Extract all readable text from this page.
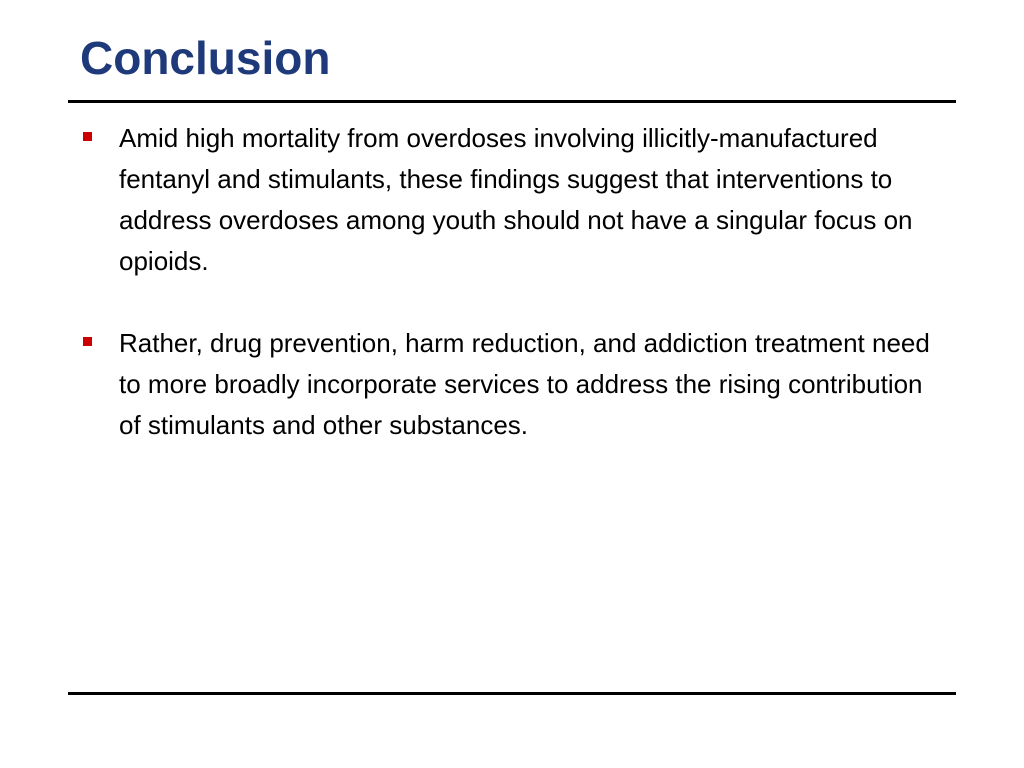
Conclusion
Amid high mortality from overdoses involving illicitly-manufactured fentanyl and stimulants, these findings suggest that interventions to address overdoses among youth should not have a singular focus on opioids.
Rather, drug prevention, harm reduction, and addiction treatment need to more broadly incorporate services to address the rising contribution of stimulants and other substances.
